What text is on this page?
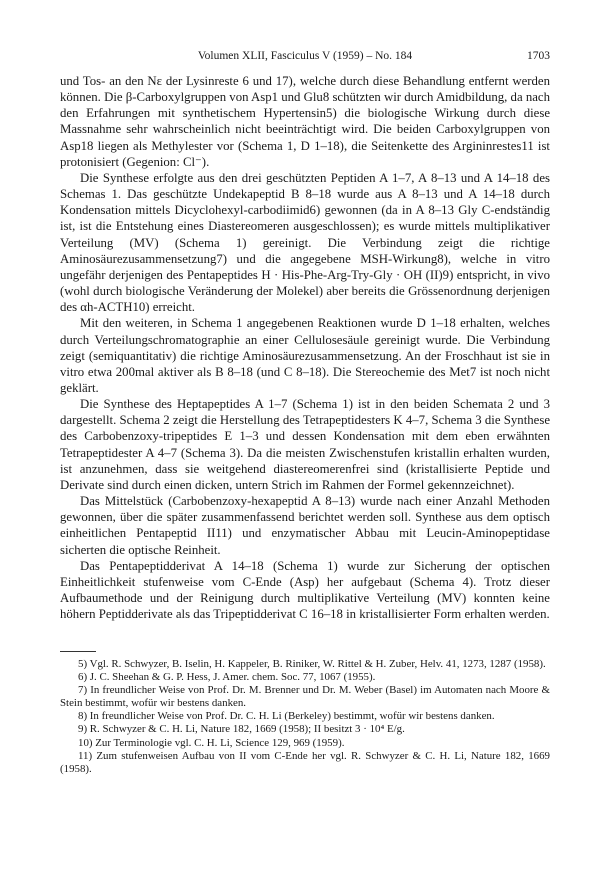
Volumen XLII, Fasciculus V (1959) – No. 184	1703

und Tos- an den Nε der Lysinreste 6 und 17), welche durch diese Behandlung entfernt werden können. Die β-Carboxylgruppen von Asp1 und Glu8 schützten wir durch Amidbildung, da nach den Erfahrungen mit synthetischem Hypertensin5) die biologische Wirkung durch diese Massnahme sehr wahrscheinlich nicht beeinträchtigt wird. Die beiden Carboxylgruppen von Asp18 liegen als Methylester vor (Schema 1, D 1–18), die Seitenkette des Argininrestes11 ist protonisiert (Gegenion: Cl⁻).

Die Synthese erfolgte aus den drei geschützten Peptiden A 1–7, A 8–13 und A 14–18 des Schemas 1. Das geschützte Undekapeptid B 8–18 wurde aus A 8–13 und A 14–18 durch Kondensation mittels Dicyclohexyl-carbodiimid6) gewonnen (da in A 8–13 Gly C-endständig ist, ist die Entstehung eines Diastereomeren ausgeschlossen); es wurde mittels multiplikativer Verteilung (MV) (Schema 1) gereinigt. Die Verbindung zeigt die richtige Aminosäurezusammensetzung7) und die angegebene MSH-Wirkung8), welche in vitro ungefähr derjenigen des Pentapeptides H · His-Phe-Arg-Try-Gly · OH (II)9) entspricht, in vivo (wohl durch biologische Veränderung der Molekel) aber bereits die Grössenordnung derjenigen des αh-ACTH10) erreicht.

Mit den weiteren, in Schema 1 angegebenen Reaktionen wurde D 1–18 erhalten, welches durch Verteilungschromatographie an einer Cellulosesäule gereinigt wurde. Die Verbindung zeigt (semiquantitativ) die richtige Aminosäurezusammensetzung. An der Froschhaut ist sie in vitro etwa 200mal aktiver als B 8–18 (und C 8–18). Die Stereochemie des Met7 ist noch nicht geklärt.

Die Synthese des Heptapeptides A 1–7 (Schema 1) ist in den beiden Schemata 2 und 3 dargestellt. Schema 2 zeigt die Herstellung des Tetrapeptidesters K 4–7, Schema 3 die Synthese des Carbobenzoxy-tripeptides E 1–3 und dessen Kondensation mit dem eben erwähnten Tetrapeptidester A 4–7 (Schema 3). Da die meisten Zwischenstufen kristallin erhalten wurden, ist anzunehmen, dass sie weitgehend diastereomerenfrei sind (kristallisierte Peptide und Derivate sind durch einen dicken, untern Strich im Rahmen der Formel gekennzeichnet).

Das Mittelstück (Carbobenzoxy-hexapeptid A 8–13) wurde nach einer Anzahl Methoden gewonnen, über die später zusammenfassend berichtet werden soll. Synthese aus dem optisch einheitlichen Pentapeptid II11) und enzymatischer Abbau mit Leucin-Aminopeptidase sicherten die optische Reinheit.

Das Pentapeptidderivat A 14–18 (Schema 1) wurde zur Sicherung der optischen Einheitlichkeit stufenweise vom C-Ende (Asp) her aufgebaut (Schema 4). Trotz dieser Aufbaumethode und der Reinigung durch multiplikative Verteilung (MV) konnten keine höhern Peptidderivate als das Tripeptidderivat C 16–18 in kristallisierter Form erhalten werden.

5) Vgl. R. Schwyzer, B. Iselin, H. Kappeler, B. Riniker, W. Rittel & H. Zuber, Helv. 41, 1273, 1287 (1958).

6) J. C. Sheehan & G. P. Hess, J. Amer. chem. Soc. 77, 1067 (1955).

7) In freundlicher Weise von Prof. Dr. M. Brenner und Dr. M. Weber (Basel) im Automaten nach Moore & Stein bestimmt, wofür wir bestens danken.

8) In freundlicher Weise von Prof. Dr. C. H. Li (Berkeley) bestimmt, wofür wir bestens danken.

9) R. Schwyzer & C. H. Li, Nature 182, 1669 (1958); II besitzt 3 · 10⁴ E/g.

10) Zur Terminologie vgl. C. H. Li, Science 129, 969 (1959).

11) Zum stufenweisen Aufbau von II vom C-Ende her vgl. R. Schwyzer & C. H. Li, Nature 182, 1669 (1958).
